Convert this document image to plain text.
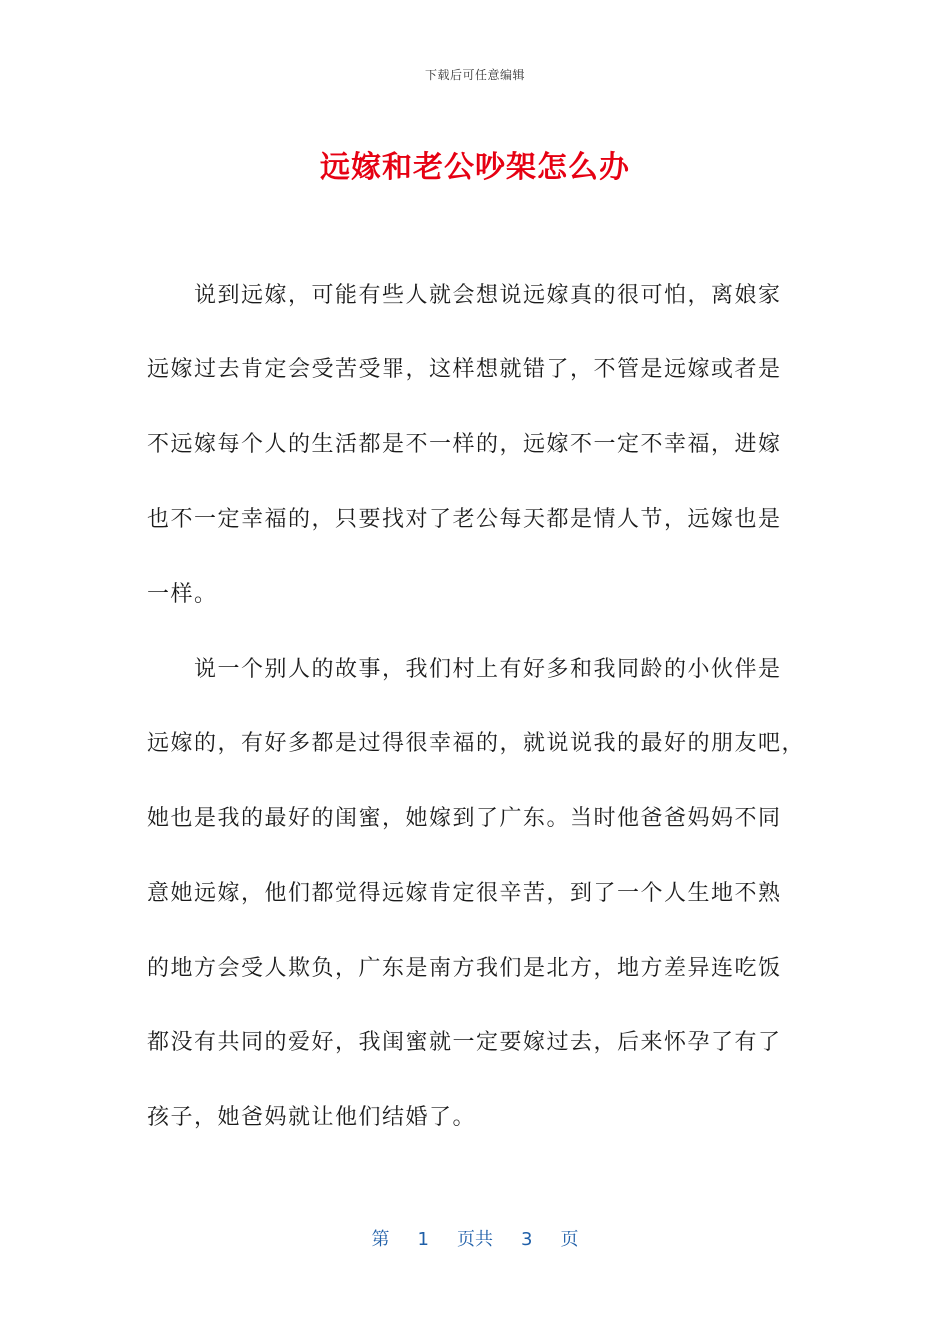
下载后可任意编辑
远嫁和老公吵架怎么办
说到远嫁，可能有些人就会想说远嫁真的很可怕，离娘家
远嫁过去肯定会受苦受罪，这样想就错了，不管是远嫁或者是
不远嫁每个人的生活都是不一样的，远嫁不一定不幸福，进嫁
也不一定幸福的，只要找对了老公每天都是情人节，远嫁也是
一样。
说一个别人的故事，我们村上有好多和我同龄的小伙伴是
远嫁的，有好多都是过得很幸福的，就说说我的最好的朋友吧，
她也是我的最好的闺蜜，她嫁到了广东。当时他爸爸妈妈不同
意她远嫁，他们都觉得远嫁肯定很辛苦，到了一个人生地不熟
的地方会受人欺负，广东是南方我们是北方，地方差异连吃饭
都没有共同的爱好，我闺蜜就一定要嫁过去，后来怀孕了有了
孩子，她爸妈就让他们结婚了。
第 1 页共 3 页
